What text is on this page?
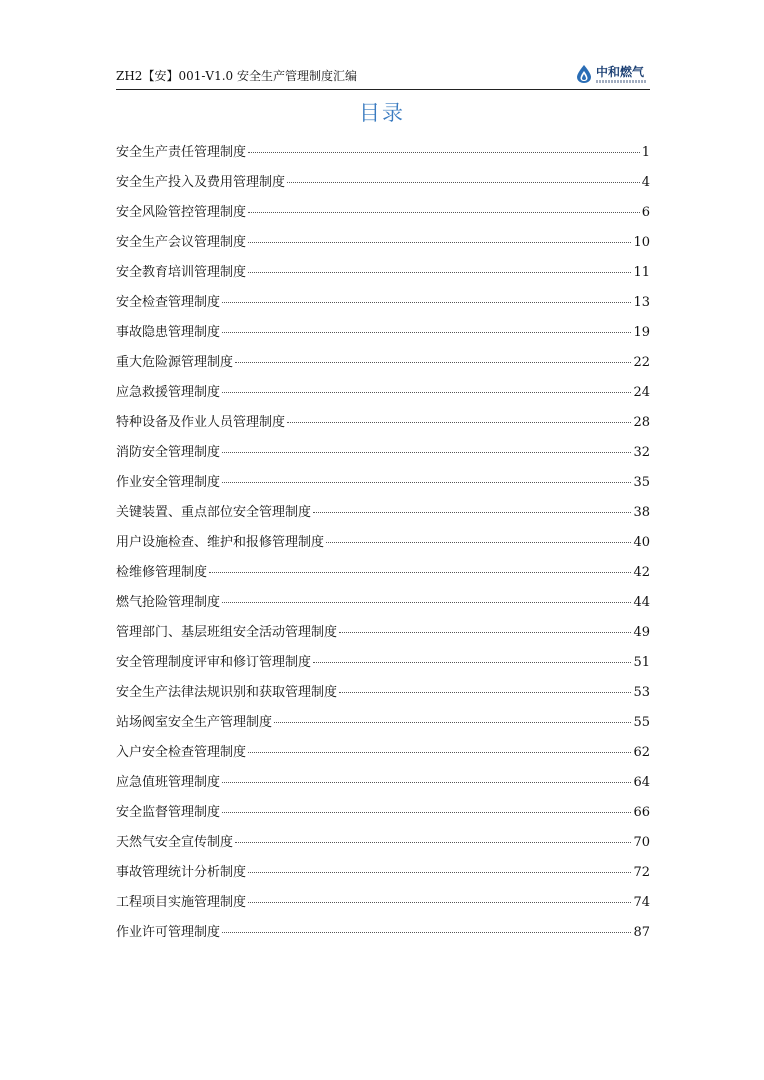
ZH2【安】001-V1.0 安全生产管理制度汇编	中和燃气
目录
安全生产责任管理制度	1
安全生产投入及费用管理制度	4
安全风险管控管理制度	6
安全生产会议管理制度	10
安全教育培训管理制度	11
安全检查管理制度	13
事故隐患管理制度	19
重大危险源管理制度	22
应急救援管理制度	24
特种设备及作业人员管理制度	28
消防安全管理制度	32
作业安全管理制度	35
关键装置、重点部位安全管理制度	38
用户设施检查、维护和报修管理制度	40
检维修管理制度	42
燃气抢险管理制度	44
管理部门、基层班组安全活动管理制度	49
安全管理制度评审和修订管理制度	51
安全生产法律法规识别和获取管理制度	53
站场阀室安全生产管理制度	55
入户安全检查管理制度	62
应急值班管理制度	64
安全监督管理制度	66
天然气安全宣传制度	70
事故管理统计分析制度	72
工程项目实施管理制度	74
作业许可管理制度	87
